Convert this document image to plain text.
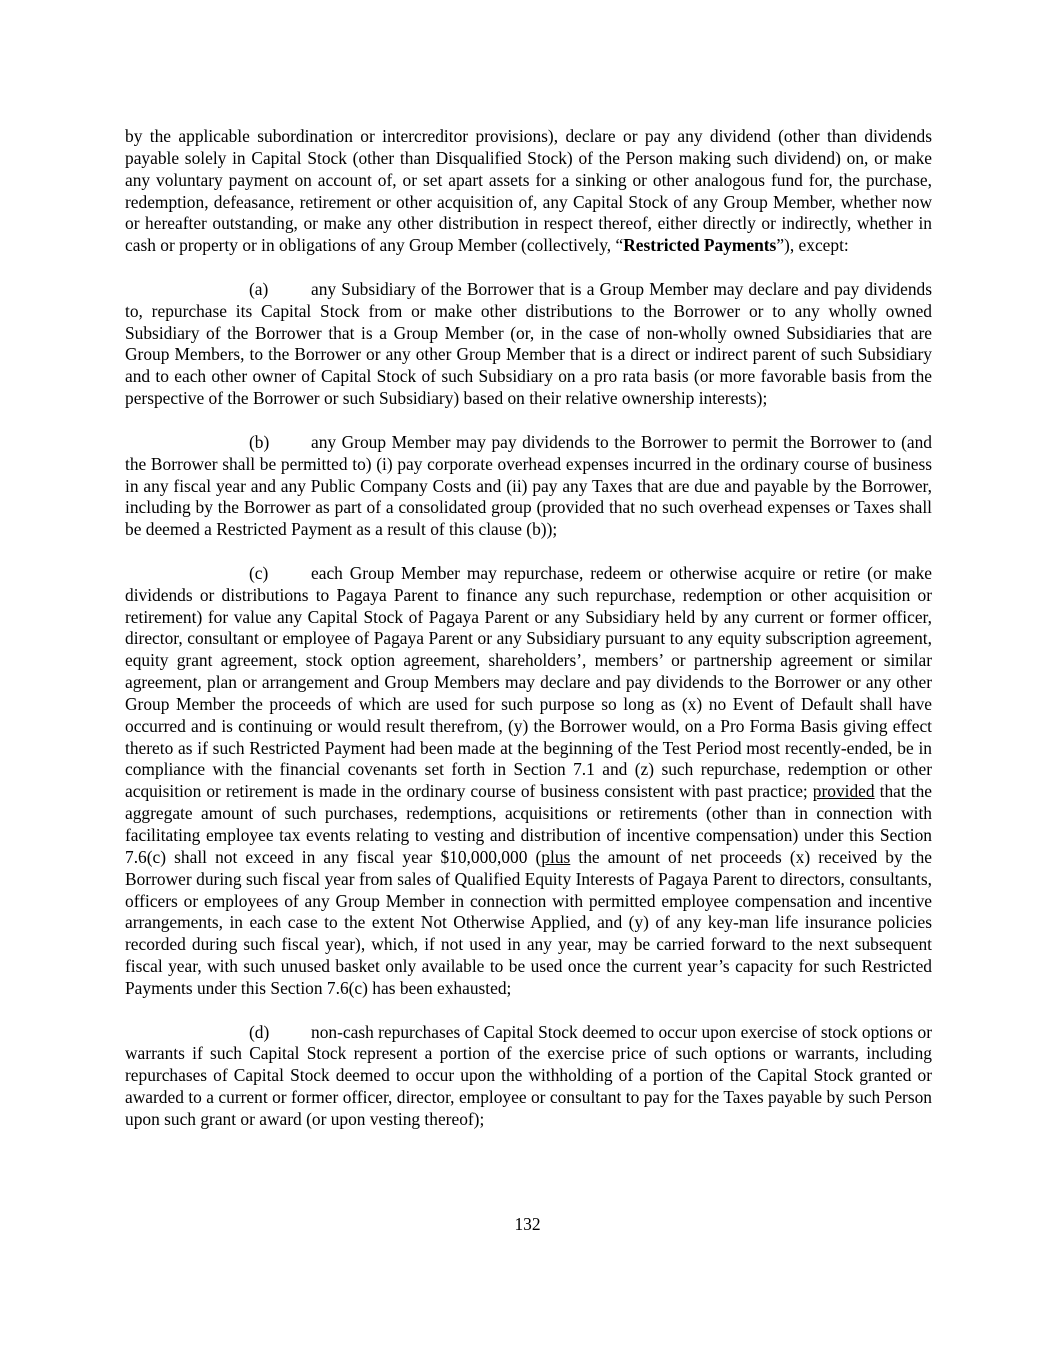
by the applicable subordination or intercreditor provisions), declare or pay any dividend (other than dividends payable solely in Capital Stock (other than Disqualified Stock) of the Person making such dividend) on, or make any voluntary payment on account of, or set apart assets for a sinking or other analogous fund for, the purchase, redemption, defeasance, retirement or other acquisition of, any Capital Stock of any Group Member, whether now or hereafter outstanding, or make any other distribution in respect thereof, either directly or indirectly, whether in cash or property or in obligations of any Group Member (collectively, “Restricted Payments”), except:

(a) any Subsidiary of the Borrower that is a Group Member may declare and pay dividends to, repurchase its Capital Stock from or make other distributions to the Borrower or to any wholly owned Subsidiary of the Borrower that is a Group Member (or, in the case of non-wholly owned Subsidiaries that are Group Members, to the Borrower or any other Group Member that is a direct or indirect parent of such Subsidiary and to each other owner of Capital Stock of such Subsidiary on a pro rata basis (or more favorable basis from the perspective of the Borrower or such Subsidiary) based on their relative ownership interests);

(b) any Group Member may pay dividends to the Borrower to permit the Borrower to (and the Borrower shall be permitted to) (i) pay corporate overhead expenses incurred in the ordinary course of business in any fiscal year and any Public Company Costs and (ii) pay any Taxes that are due and payable by the Borrower, including by the Borrower as part of a consolidated group (provided that no such overhead expenses or Taxes shall be deemed a Restricted Payment as a result of this clause (b));

(c) each Group Member may repurchase, redeem or otherwise acquire or retire (or make dividends or distributions to Pagaya Parent to finance any such repurchase, redemption or other acquisition or retirement) for value any Capital Stock of Pagaya Parent or any Subsidiary held by any current or former officer, director, consultant or employee of Pagaya Parent or any Subsidiary pursuant to any equity subscription agreement, equity grant agreement, stock option agreement, shareholders’, members’ or partnership agreement or similar agreement, plan or arrangement and Group Members may declare and pay dividends to the Borrower or any other Group Member the proceeds of which are used for such purpose so long as (x) no Event of Default shall have occurred and is continuing or would result therefrom, (y) the Borrower would, on a Pro Forma Basis giving effect thereto as if such Restricted Payment had been made at the beginning of the Test Period most recently-ended, be in compliance with the financial covenants set forth in Section 7.1 and (z) such repurchase, redemption or other acquisition or retirement is made in the ordinary course of business consistent with past practice; provided that the aggregate amount of such purchases, redemptions, acquisitions or retirements (other than in connection with facilitating employee tax events relating to vesting and distribution of incentive compensation) under this Section 7.6(c) shall not exceed in any fiscal year $10,000,000 (plus the amount of net proceeds (x) received by the Borrower during such fiscal year from sales of Qualified Equity Interests of Pagaya Parent to directors, consultants, officers or employees of any Group Member in connection with permitted employee compensation and incentive arrangements, in each case to the extent Not Otherwise Applied, and (y) of any key-man life insurance policies recorded during such fiscal year), which, if not used in any year, may be carried forward to the next subsequent fiscal year, with such unused basket only available to be used once the current year’s capacity for such Restricted Payments under this Section 7.6(c) has been exhausted;

(d) non-cash repurchases of Capital Stock deemed to occur upon exercise of stock options or warrants if such Capital Stock represent a portion of the exercise price of such options or warrants, including repurchases of Capital Stock deemed to occur upon the withholding of a portion of the Capital Stock granted or awarded to a current or former officer, director, employee or consultant to pay for the Taxes payable by such Person upon such grant or award (or upon vesting thereof);

132
